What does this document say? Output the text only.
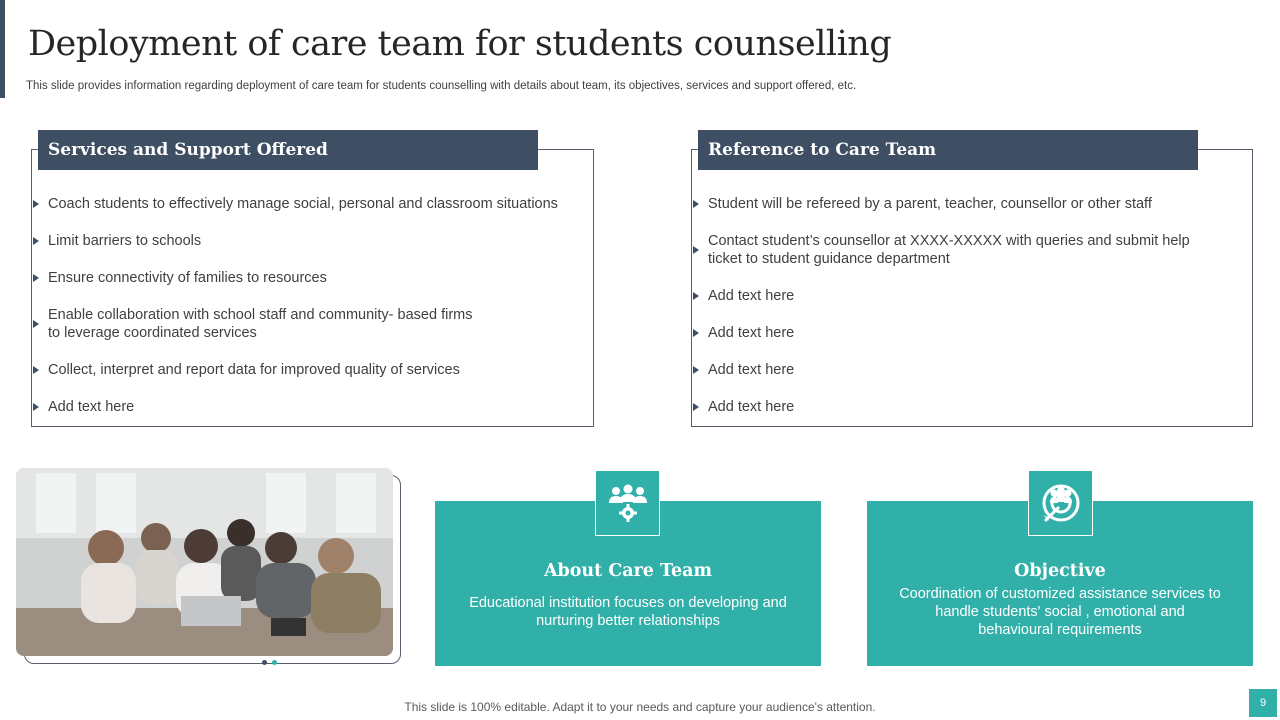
Deployment of care team for students counselling

This slide provides information regarding deployment of care team for students counselling with details about team, its objectives, services and support offered, etc.

Services and Support Offered
Coach students to effectively manage social, personal and classroom situations
Limit barriers to schools
Ensure connectivity of families to resources
Enable collaboration with school staff and community- based firms to leverage coordinated services
Collect, interpret and report data for improved quality of services
Add text here
Reference to Care Team
Student will be refereed by a parent, teacher, counsellor or other staff
Contact student’s counsellor at XXXX-XXXXX with queries and submit help ticket to student guidance department
Add text here
Add text here
Add text here
Add text here
About Care Team
Educational institution focuses on developing and nurturing better relationships
Objective
Coordination of customized assistance services to handle students' social , emotional and behavioural requirements
This slide is 100% editable. Adapt it to your needs and capture your audience's attention.	9
